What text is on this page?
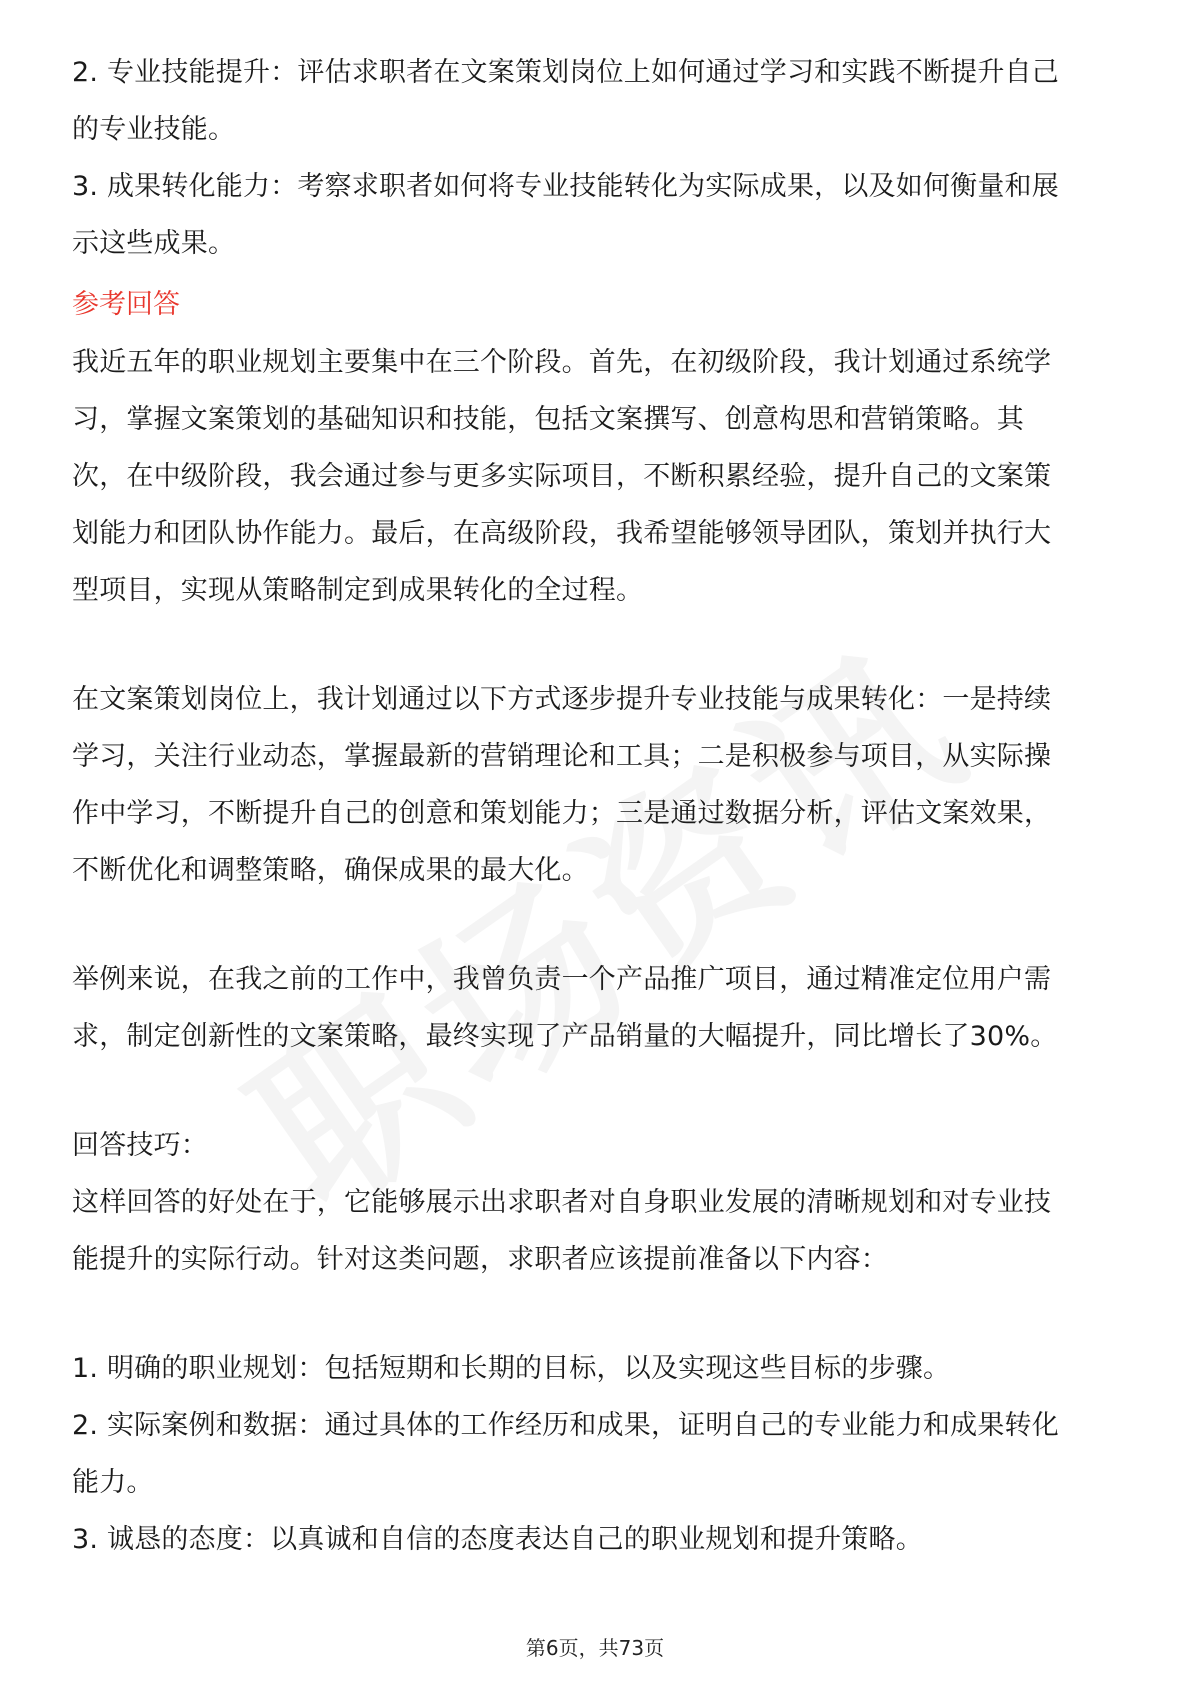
2. 专业技能提升：评估求职者在文案策划岗位上如何通过学习和实践不断提升自己
的专业技能。
3. 成果转化能力：考察求职者如何将专业技能转化为实际成果，以及如何衡量和展
示这些成果。
参考回答
我近五年的职业规划主要集中在三个阶段。首先，在初级阶段，我计划通过系统学
习，掌握文案策划的基础知识和技能，包括文案撰写、创意构思和营销策略。其
次，在中级阶段，我会通过参与更多实际项目，不断积累经验，提升自己的文案策
划能力和团队协作能力。最后，在高级阶段，我希望能够领导团队，策划并执行大
型项目，实现从策略制定到成果转化的全过程。
在文案策划岗位上，我计划通过以下方式逐步提升专业技能与成果转化：一是持续
学习，关注行业动态，掌握最新的营销理论和工具；二是积极参与项目，从实际操
作中学习，不断提升自己的创意和策划能力；三是通过数据分析，评估文案效果，
不断优化和调整策略，确保成果的最大化。
举例来说，在我之前的工作中，我曾负责一个产品推广项目，通过精准定位用户需
求，制定创新性的文案策略，最终实现了产品销量的大幅提升，同比增长了30%。
回答技巧：
这样回答的好处在于，它能够展示出求职者对自身职业发展的清晰规划和对专业技
能提升的实际行动。针对这类问题，求职者应该提前准备以下内容：
1. 明确的职业规划：包括短期和长期的目标，以及实现这些目标的步骤。
2. 实际案例和数据：通过具体的工作经历和成果，证明自己的专业能力和成果转化
能力。
3. 诚恳的态度：以真诚和自信的态度表达自己的职业规划和提升策略。
第6页，共73页
